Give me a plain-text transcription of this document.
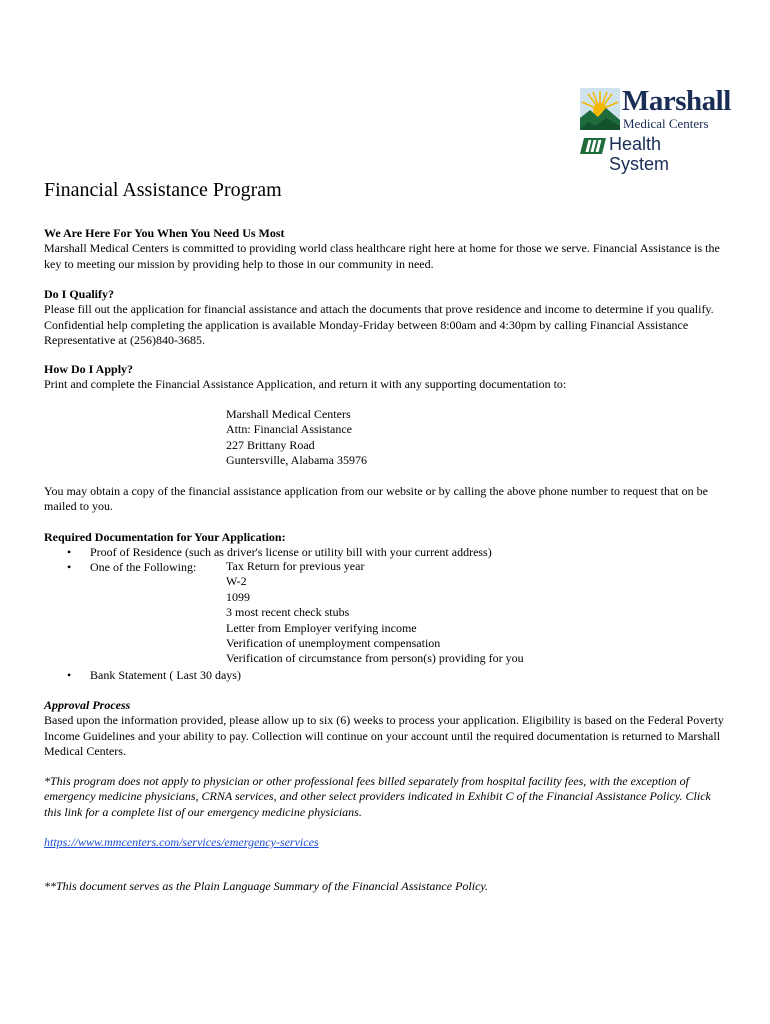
Marshall
Medical Centers
Health System
Financial Assistance Program

We Are Here For You When You Need Us Most

Marshall Medical Centers is committed to providing world class healthcare right here at home for those we serve. Financial Assistance is the key to meeting our mission by providing help to those in our community in need.

Do I Qualify?

Please fill out the application for financial assistance and attach the documents that prove residence and income to determine if you qualify. Confidential help completing the application is available Monday-Friday between 8:00am and 4:30pm by calling Financial Assistance Representative at (256)840-3685.

How Do I Apply?

Print and complete the Financial Assistance Application, and return it with any supporting documentation to:

Marshall Medical Centers
Attn: Financial Assistance
227 Brittany Road
Guntersville, Alabama 35976

You may obtain a copy of the financial assistance application from our website or by calling the above phone number to request that on be mailed to you.

Required Documentation for Your Application:

• Proof of Residence (such as driver's license or utility bill with your current address)
• One of the Following: Tax Return for previous year
W-2
1099
3 most recent check stubs
Letter from Employer verifying income
Verification of unemployment compensation
Verification of circumstance from person(s) providing for you
• Bank Statement ( Last 30 days)

Approval Process

Based upon the information provided, please allow up to six (6) weeks to process your application. Eligibility is based on the Federal Poverty Income Guidelines and your ability to pay. Collection will continue on your account until the required documentation is returned to Marshall Medical Centers.

*This program does not apply to physician or other professional fees billed separately from hospital facility fees, with the exception of emergency medicine physicians, CRNA services, and other select providers indicated in Exhibit C of the Financial Assistance Policy. Click this link for a complete list of our emergency medicine physicians.

https://www.mmcenters.com/services/emergency-services

**This document serves as the Plain Language Summary of the Financial Assistance Policy.
